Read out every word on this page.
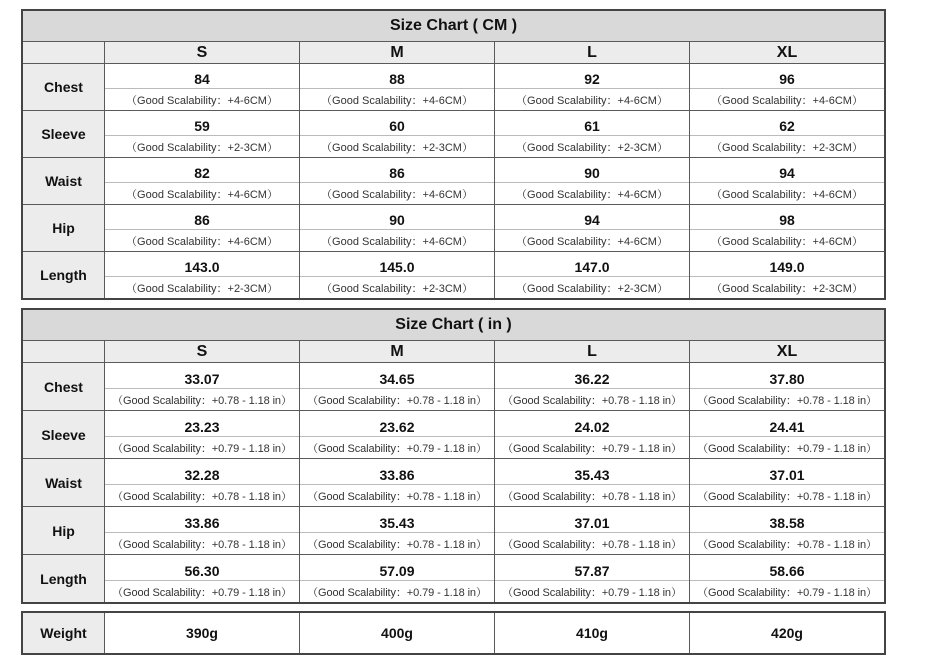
Size Chart ( CM )				
	S	M	L	XL
Chest	84	88	92	96
	（Good Scalability：+4-6CM）	（Good Scalability：+4-6CM）	（Good Scalability：+4-6CM）	（Good Scalability：+4-6CM）
Sleeve	59	60	61	62
	（Good Scalability：+2-3CM）	（Good Scalability：+2-3CM）	（Good Scalability：+2-3CM）	（Good Scalability：+2-3CM）
Waist	82	86	90	94
	（Good Scalability：+4-6CM）	（Good Scalability：+4-6CM）	（Good Scalability：+4-6CM）	（Good Scalability：+4-6CM）
Hip	86	90	94	98
	（Good Scalability：+4-6CM）	（Good Scalability：+4-6CM）	（Good Scalability：+4-6CM）	（Good Scalability：+4-6CM）
Length	143.0	145.0	147.0	149.0
	（Good Scalability：+2-3CM）	（Good Scalability：+2-3CM）	（Good Scalability：+2-3CM）	（Good Scalability：+2-3CM）
Size Chart ( in )				
	S	M	L	XL
Chest	33.07	34.65	36.22	37.80
	（Good Scalability：+0.78 - 1.18 in）	（Good Scalability：+0.78 - 1.18 in）	（Good Scalability：+0.78 - 1.18 in）	（Good Scalability：+0.78 - 1.18 in）
Sleeve	23.23	23.62	24.02	24.41
	（Good Scalability：+0.79 - 1.18 in）	（Good Scalability：+0.79 - 1.18 in）	（Good Scalability：+0.79 - 1.18 in）	（Good Scalability：+0.79 - 1.18 in）
Waist	32.28	33.86	35.43	37.01
	（Good Scalability：+0.78 - 1.18 in）	（Good Scalability：+0.78 - 1.18 in）	（Good Scalability：+0.78 - 1.18 in）	（Good Scalability：+0.78 - 1.18 in）
Hip	33.86	35.43	37.01	38.58
	（Good Scalability：+0.78 - 1.18 in）	（Good Scalability：+0.78 - 1.18 in）	（Good Scalability：+0.78 - 1.18 in）	（Good Scalability：+0.78 - 1.18 in）
Length	56.30	57.09	57.87	58.66
	（Good Scalability：+0.79 - 1.18 in）	（Good Scalability：+0.79 - 1.18 in）	（Good Scalability：+0.79 - 1.18 in）	（Good Scalability：+0.79 - 1.18 in）
Weight	390g	400g	410g	420g
